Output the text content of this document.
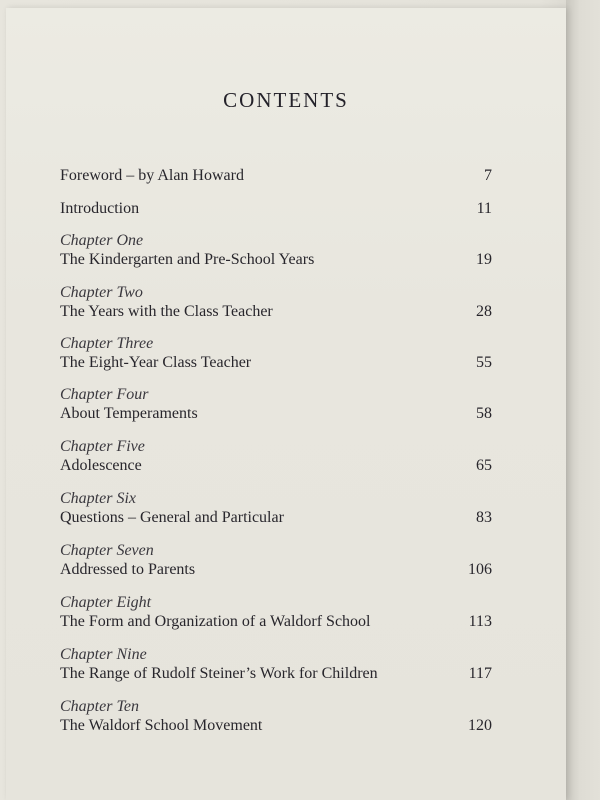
CONTENTS
Foreword – by Alan Howard	7
Introduction	11
Chapter One
The Kindergarten and Pre-School Years	19
Chapter Two
The Years with the Class Teacher	28
Chapter Three
The Eight-Year Class Teacher	55
Chapter Four
About Temperaments	58
Chapter Five
Adolescence	65
Chapter Six
Questions – General and Particular	83
Chapter Seven
Addressed to Parents	106
Chapter Eight
The Form and Organization of a Waldorf School	113
Chapter Nine
The Range of Rudolf Steiner’s Work for Children	117
Chapter Ten
The Waldorf School Movement	120
